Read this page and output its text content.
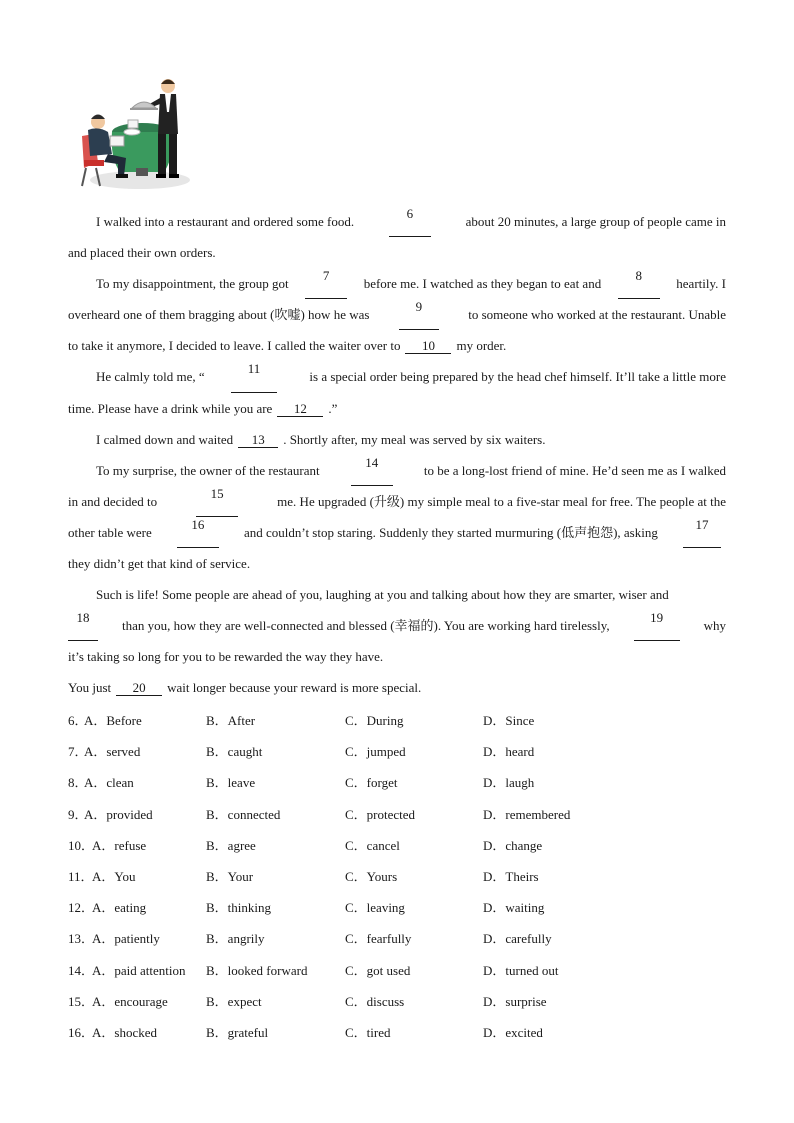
I walked into a restaurant and ordered some food.
6
about 20 minutes, a large group of people came in
and placed their own orders.
To my disappointment, the group got
7
before me. I watched as they began to eat and
8
heartily. I
overheard one of them bragging about (吹嘘) how he was
9
to someone who worked at the restaurant. Unable
to take it anymore, I decided to leave. I called the waiter over to 10 my order.
He calmly told me, “
11
is a special order being prepared by the head chef himself. It’ll take a little more
time. Please have a drink while you are 12 .”
I calmed down and waited 13 . Shortly after, my meal was served by six waiters.
To my surprise, the owner of the restaurant
14
to be a long-lost friend of mine. He’d seen me as I walked
in and decided to
15
me. He upgraded (升级) my simple meal to a five-star meal for free. The people at the
other table were
16
and couldn’t stop staring. Suddenly they started murmuring (低声抱怨), asking
17
they didn’t get that kind of service.
Such is life! Some people are ahead of you, laughing at you and talking about how they are smarter, wiser and
18
than you, how they are well-connected and blessed (幸福的). You are working hard tirelessly,
19
why
it’s taking so long for you to be rewarded the way they have.
You just 20 wait longer because your reward is more special.
6．
A．Before	B．After	C．During	D．Since
7．
A．served	B．caught	C．jumped	D．heard
8．
A．clean	B．leave	C．forget	D．laugh
9．
A．provided	B．connected	C．protected	D．remembered
10．
A．refuse	B．agree	C．cancel	D．change
11．
A．You	B．Your	C．Yours	D．Theirs
12．
A．eating	B．thinking	C．leaving	D．waiting
13．
A．patiently	B．angrily	C．fearfully	D．carefully
14．
A．paid attention B．looked forward	C．got used	D．turned out
15．
A．encourage	B．expect	C．discuss	D．surprise
16．
A．shocked	B．grateful	C．tired	D．excited
